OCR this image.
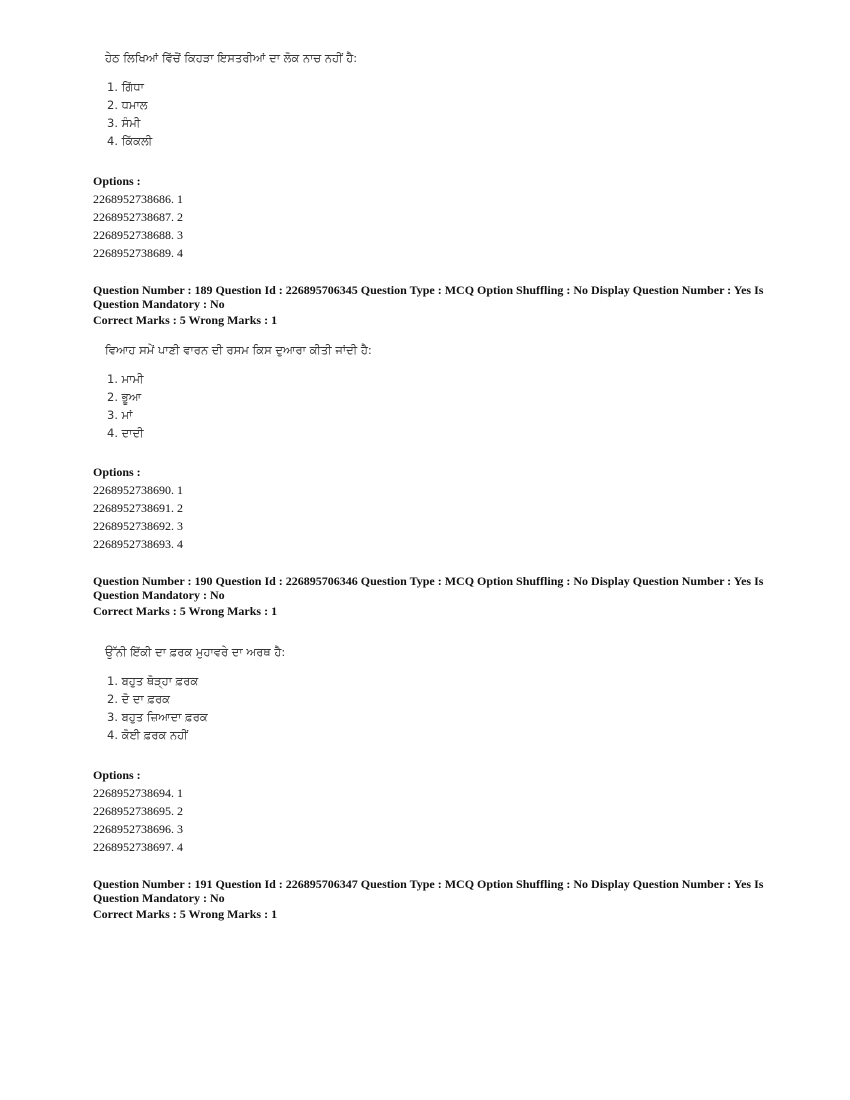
ਹੇਠ ਲਿਖਿਆਂ ਵਿੱਚੋਂ ਕਿਹੜਾ ਇਸਤਰੀਆਂ ਦਾ ਲੋਕ ਨਾਚ ਨਹੀਂ ਹੈ:
1. ਗਿੱਧਾ
2. ਧਮਾਲ
3. ਸੰਮੀ
4. ਕਿੱਕਲੀ
Options :
2268952738686. 1
2268952738687. 2
2268952738688. 3
2268952738689. 4
Question Number : 189 Question Id : 226895706345 Question Type : MCQ Option Shuffling : No Display Question Number : Yes Is Question Mandatory : No
Correct Marks : 5 Wrong Marks : 1
ਵਿਆਹ ਸਮੇਂ ਪਾਣੀ ਵਾਰਨ ਦੀ ਰਸਮ ਕਿਸ ਦੁਆਰਾ ਕੀਤੀ ਜਾਂਦੀ ਹੈ:
1. ਮਾਮੀ
2. ਭੂਆ
3. ਮਾਂ
4. ਦਾਦੀ
Options :
2268952738690. 1
2268952738691. 2
2268952738692. 3
2268952738693. 4
Question Number : 190 Question Id : 226895706346 Question Type : MCQ Option Shuffling : No Display Question Number : Yes Is Question Mandatory : No
Correct Marks : 5 Wrong Marks : 1
ਉੱਨੀ ਇੱਕੀ ਦਾ ਫ਼ਰਕ ਮੁਹਾਵਰੇ ਦਾ ਅਰਥ ਹੈ:
1. ਬਹੁਤ ਥੋੜ੍ਹਾ ਫ਼ਰਕ
2. ਦੋ ਦਾ ਫ਼ਰਕ
3. ਬਹੁਤ ਜ਼ਿਆਦਾ ਫ਼ਰਕ
4. ਕੋਈ ਫ਼ਰਕ ਨਹੀਂ
Options :
2268952738694. 1
2268952738695. 2
2268952738696. 3
2268952738697. 4
Question Number : 191 Question Id : 226895706347 Question Type : MCQ Option Shuffling : No Display Question Number : Yes Is Question Mandatory : No
Correct Marks : 5 Wrong Marks : 1
